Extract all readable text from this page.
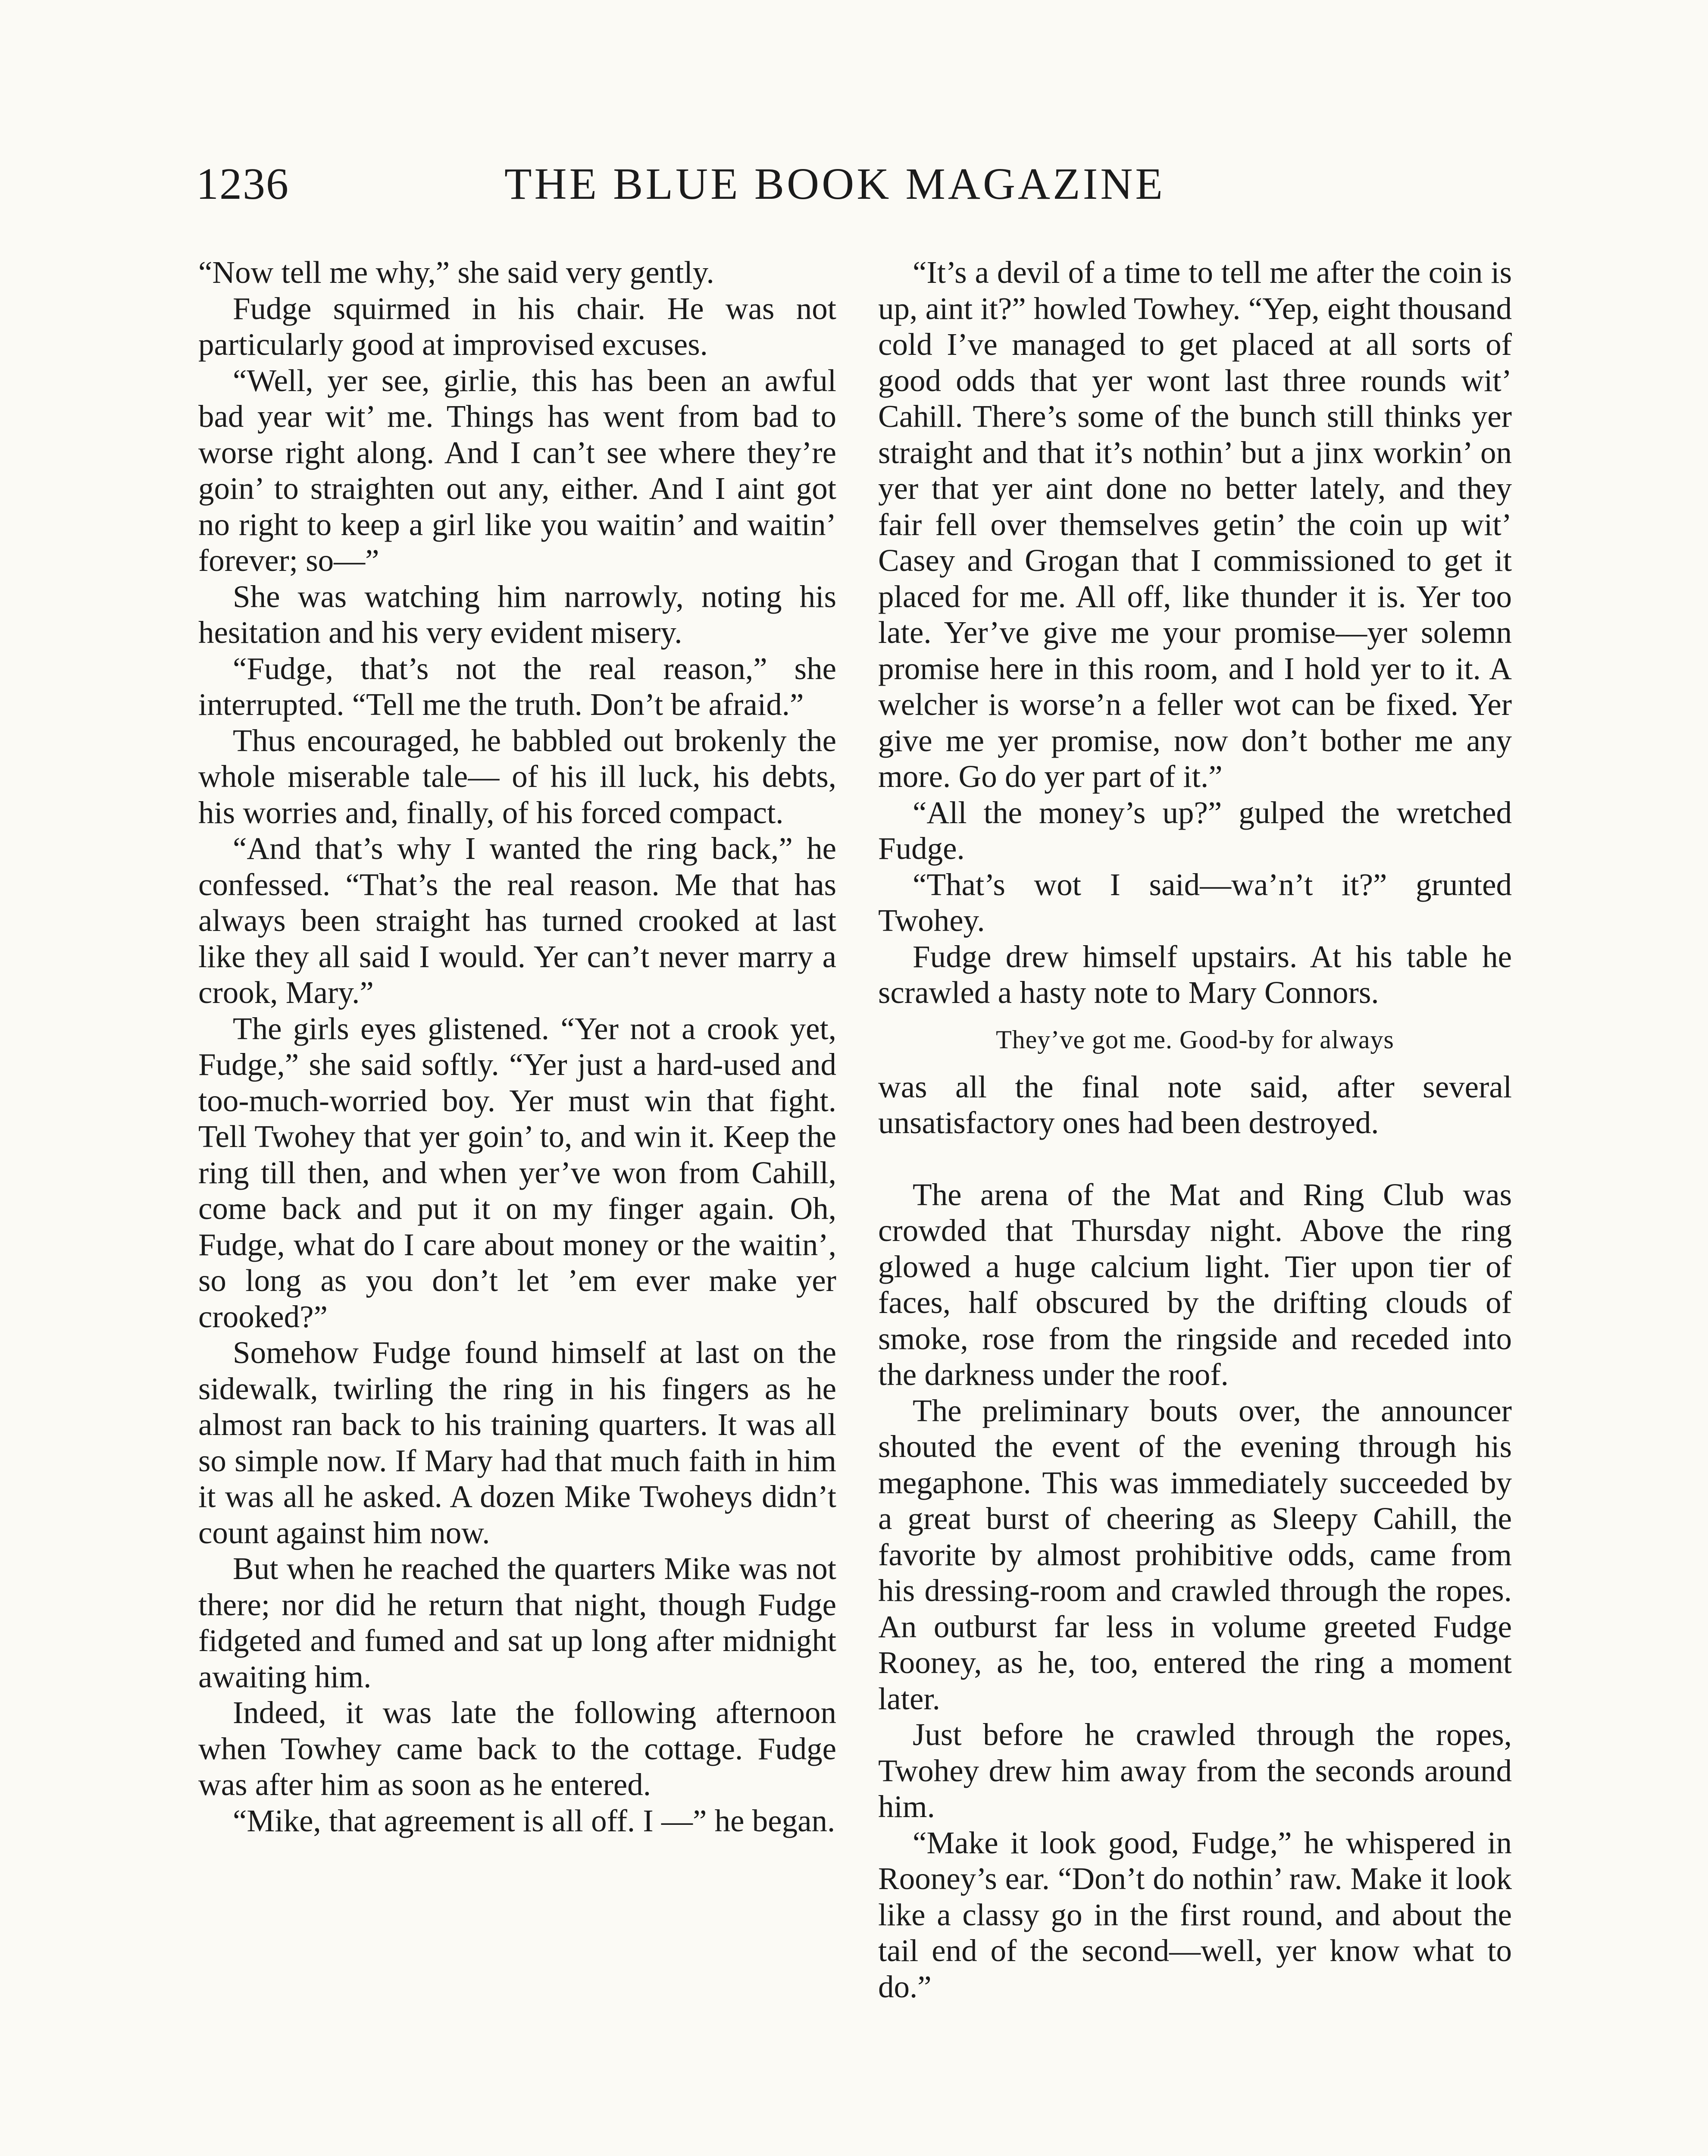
1236	THE BLUE BOOK MAGAZINE

“Now tell me why,” she said very gently.

Fudge squirmed in his chair. He was not particularly good at improvised excuses.

“Well, yer see, girlie, this has been an awful bad year wit’ me. Things has went from bad to worse right along. And I can’t see where they’re goin’ to straighten out any, either. And I aint got no right to keep a girl like you waitin’ and waitin’ forever; so—”

She was watching him narrowly, noting his hesitation and his very evident misery.

“Fudge, that’s not the real reason,” she interrupted. “Tell me the truth. Don’t be afraid.”

Thus encouraged, he babbled out brokenly the whole miserable tale— of his ill luck, his debts, his worries and, finally, of his forced compact.

“And that’s why I wanted the ring back,” he confessed. “That’s the real reason. Me that has always been straight has turned crooked at last like they all said I would. Yer can’t never marry a crook, Mary.”

The girls eyes glistened. “Yer not a crook yet, Fudge,” she said softly. “Yer just a hard-used and too-much-worried boy. Yer must win that fight. Tell Twohey that yer goin’ to, and win it. Keep the ring till then, and when yer’ve won from Cahill, come back and put it on my finger again. Oh, Fudge, what do I care about money or the waitin’, so long as you don’t let ’em ever make yer crooked?”

Somehow Fudge found himself at last on the sidewalk, twirling the ring in his fingers as he almost ran back to his training quarters. It was all so simple now. If Mary had that much faith in him it was all he asked. A dozen Mike Twoheys didn’t count against him now.

But when he reached the quarters Mike was not there; nor did he return that night, though Fudge fidgeted and fumed and sat up long after midnight awaiting him.

Indeed, it was late the following afternoon when Towhey came back to the cottage. Fudge was after him as soon as he entered.

“Mike, that agreement is all off. I —” he began.

“It’s a devil of a time to tell me after the coin is up, aint it?” howled Towhey. “Yep, eight thousand cold I’ve managed to get placed at all sorts of good odds that yer wont last three rounds wit’ Cahill. There’s some of the bunch still thinks yer straight and that it’s nothin’ but a jinx workin’ on yer that yer aint done no better lately, and they fair fell over themselves getin’ the coin up wit’ Casey and Grogan that I commissioned to get it placed for me. All off, like thunder it is. Yer too late. Yer’ve give me your promise—yer solemn promise here in this room, and I hold yer to it. A welcher is worse’n a feller wot can be fixed. Yer give me yer promise, now don’t bother me any more. Go do yer part of it.”

“All the money’s up?” gulped the wretched Fudge.

“That’s wot I said—wa’n’t it?” grunted Twohey.

Fudge drew himself upstairs. At his table he scrawled a hasty note to Mary Connors.

They’ve got me. Good-by for always

was all the final note said, after several unsatisfactory ones had been destroyed.

The arena of the Mat and Ring Club was crowded that Thursday night. Above the ring glowed a huge calcium light. Tier upon tier of faces, half obscured by the drifting clouds of smoke, rose from the ringside and receded into the darkness under the roof.

The preliminary bouts over, the announcer shouted the event of the evening through his megaphone. This was immediately succeeded by a great burst of cheering as Sleepy Cahill, the favorite by almost prohibitive odds, came from his dressing-room and crawled through the ropes. An outburst far less in volume greeted Fudge Rooney, as he, too, entered the ring a moment later.

Just before he crawled through the ropes, Twohey drew him away from the seconds around him.

“Make it look good, Fudge,” he whispered in Rooney’s ear. “Don’t do nothin’ raw. Make it look like a classy go in the first round, and about the tail end of the second—well, yer know what to do.”
